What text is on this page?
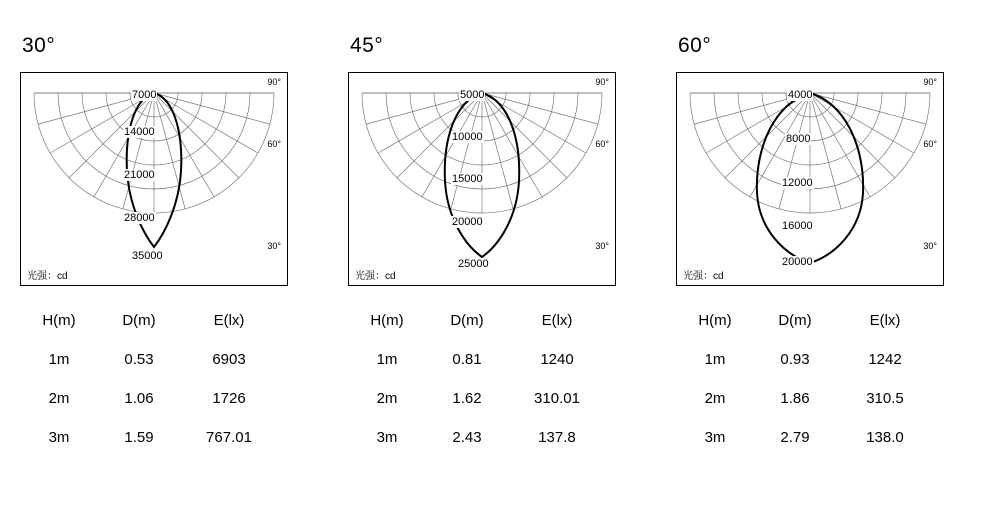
30°
90°
60°
30°
7000
14000
21000
28000
35000
光强：cd
H(m)	D(m)	E(lx)
1m	0.53	6903
2m	1.06	1726
3m	1.59	767.01
45°
90°
60°
30°
5000
10000
15000
20000
25000
光强：cd
H(m)	D(m)	E(lx)
1m	0.81	1240
2m	1.62	310.01
3m	2.43	137.8
60°
90°
60°
30°
4000
8000
12000
16000
20000
光强：cd
H(m)	D(m)	E(lx)
1m	0.93	1242
2m	1.86	310.5
3m	2.79	138.0
